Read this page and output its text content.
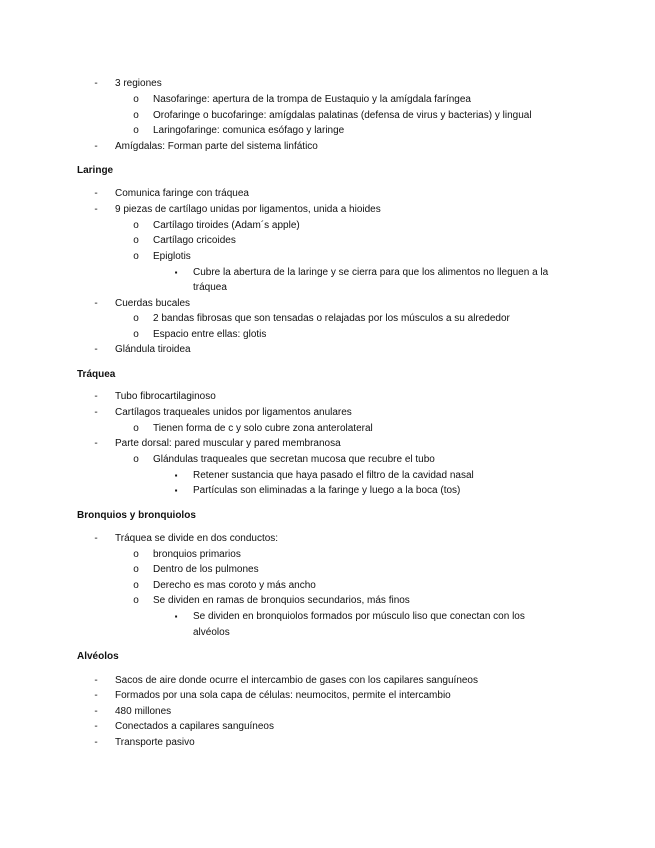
-	3 regiones
o	Nasofaringe: apertura de la trompa de Eustaquio y la amígdala faríngea
o	Orofaringe o bucofaringe: amígdalas palatinas (defensa de virus y bacterias) y lingual
o	Laringofaringe: comunica esófago y laringe
-	Amígdalas: Forman parte del sistema linfático
Laringe
-	Comunica faringe con tráquea
-	9 piezas de cartílago unidas por ligamentos, unida a hioides
o	Cartílago tiroides (Adam´s apple)
o	Cartílago cricoides
o	Epiglotis
▪	Cubre la abertura de la laringe y se cierra para que los alimentos no lleguen a la
tráquea
-	Cuerdas bucales
o	2 bandas fibrosas que son tensadas o relajadas por los músculos a su alrededor
o	Espacio entre ellas: glotis
-	Glándula tiroidea
Tráquea
-	Tubo fibrocartilaginoso
-	Cartílagos traqueales unidos por ligamentos anulares
o	Tienen forma de c y solo cubre zona anterolateral
-	Parte dorsal: pared muscular y pared membranosa
o	Glándulas traqueales que secretan mucosa que recubre el tubo
▪	Retener sustancia que haya pasado el filtro de la cavidad nasal
▪	Partículas son eliminadas a la faringe y luego a la boca (tos)
Bronquios y bronquiolos
-	Tráquea se divide en dos conductos:
o	bronquios primarios
o	Dentro de los pulmones
o	Derecho es mas coroto y más ancho
o	Se dividen en ramas de bronquios secundarios, más finos
▪	Se dividen en bronquiolos formados por músculo liso que conectan con los
alvéolos
Alvéolos
-	Sacos de aire donde ocurre el intercambio de gases con los capilares sanguíneos
-	Formados por una sola capa de células: neumocitos, permite el intercambio
-	480 millones
-	Conectados a capilares sanguíneos
-	Transporte pasivo
